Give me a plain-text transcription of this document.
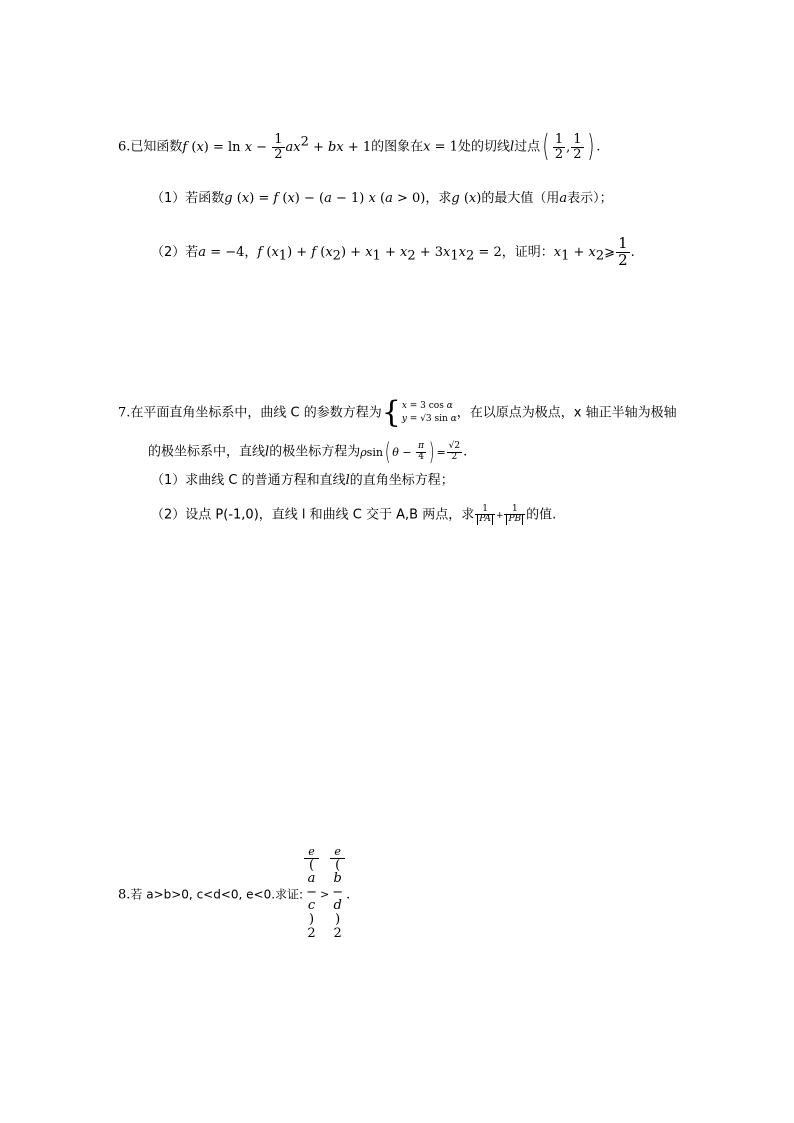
6.已知函数f $(x) = \ln x - \frac{1}{2} ax^2$ + bx + 1的图象在x = 1处的切线l过点( $\frac{1}{2}$ , $\frac{1}{2}$ ) .
（1）若函数g (x) = f (x) − (a − 1) x (a > 0)，求g (x)的最大值（用a表示）；
（2）若a = −4，f $(x_1) + f$ $(x_2) + x_1 + x_2 + 3x_1x_2 = 2$，证明：$x_1$ + $x_2⩾ \frac{1}{2}$ .
7.在平面直角坐标系中，曲线 C 的参数方程为{ x = 3 cos α
y = √3 sin α ，在以原点为极点，x 轴正半轴为极轴
的极坐标系中，直线l的极坐标方程为ρsin( $\theta - \frac{\pi}{4}$ ) = $\frac{√2}{2}$ .
（1）求曲线 C 的普通方程和直线l的直角坐标方程；
（2）设点 P(-1,0)，直线 l 和曲线 C 交于 A,B 两点，求 $\frac{1}{PA} + \frac{1}{PB}$ 的值.
8.若 a>b>0, c<d<0, e<0.求证: e
(
a
−
c
)
$^2$ > e
(
b
−
d
)
$^2$ .
